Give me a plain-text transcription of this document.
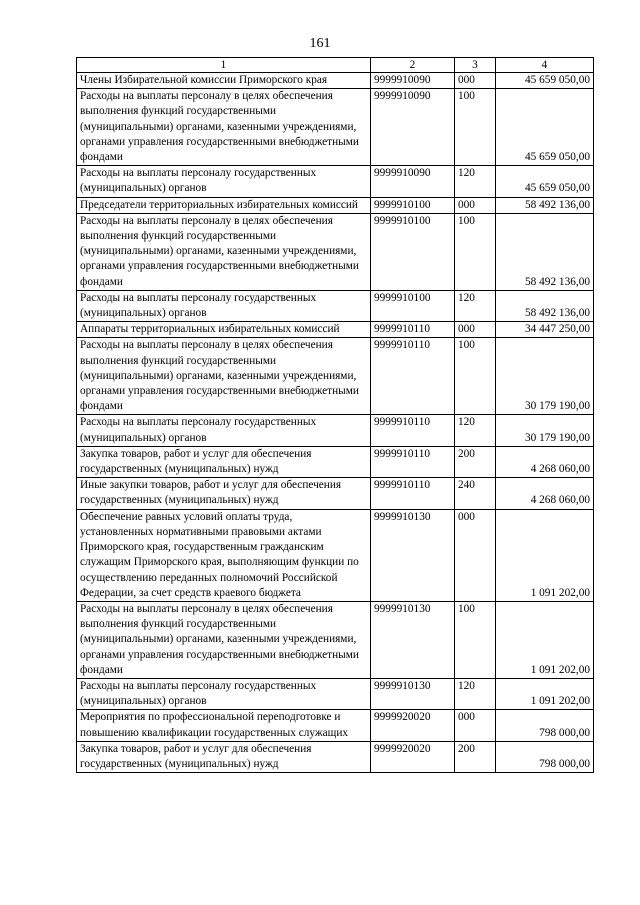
161
1	2	3	4
Члены Избирательной комиссии Приморского края	9999910090	000	45 659 050,00
Расходы на выплаты персоналу в целях обеспечения выполнения функций государственными (муниципальными) органами, казенными учреждениями, органами управления государственными внебюджетными фондами	9999910090	100	45 659 050,00
Расходы на выплаты персоналу государственных (муниципальных) органов	9999910090	120	45 659 050,00
Председатели территориальных избирательных комиссий	9999910100	000	58 492 136,00
Расходы на выплаты персоналу в целях обеспечения выполнения функций государственными (муниципальными) органами, казенными учреждениями, органами управления государственными внебюджетными фондами	9999910100	100	58 492 136,00
Расходы на выплаты персоналу государственных (муниципальных) органов	9999910100	120	58 492 136,00
Аппараты территориальных избирательных комиссий	9999910110	000	34 447 250,00
Расходы на выплаты персоналу в целях обеспечения выполнения функций государственными (муниципальными) органами, казенными учреждениями, органами управления государственными внебюджетными фондами	9999910110	100	30 179 190,00
Расходы на выплаты персоналу государственных (муниципальных) органов	9999910110	120	30 179 190,00
Закупка товаров, работ и услуг для обеспечения государственных (муниципальных) нужд	9999910110	200	4 268 060,00
Иные закупки товаров, работ и услуг для обеспечения государственных (муниципальных) нужд	9999910110	240	4 268 060,00
Обеспечение равных условий оплаты труда, установленных нормативными правовыми актами Приморского края, государственным гражданским служащим Приморского края, выполняющим функции по осуществлению переданных полномочий Российской Федерации, за счет средств краевого бюджета	9999910130	000	1 091 202,00
Расходы на выплаты персоналу в целях обеспечения выполнения функций государственными (муниципальными) органами, казенными учреждениями, органами управления государственными внебюджетными фондами	9999910130	100	1 091 202,00
Расходы на выплаты персоналу государственных (муниципальных) органов	9999910130	120	1 091 202,00
Мероприятия по профессиональной переподготовке и повышению квалификации государственных служащих	9999920020	000	798 000,00
Закупка товаров, работ и услуг для обеспечения государственных (муниципальных) нужд	9999920020	200	798 000,00
